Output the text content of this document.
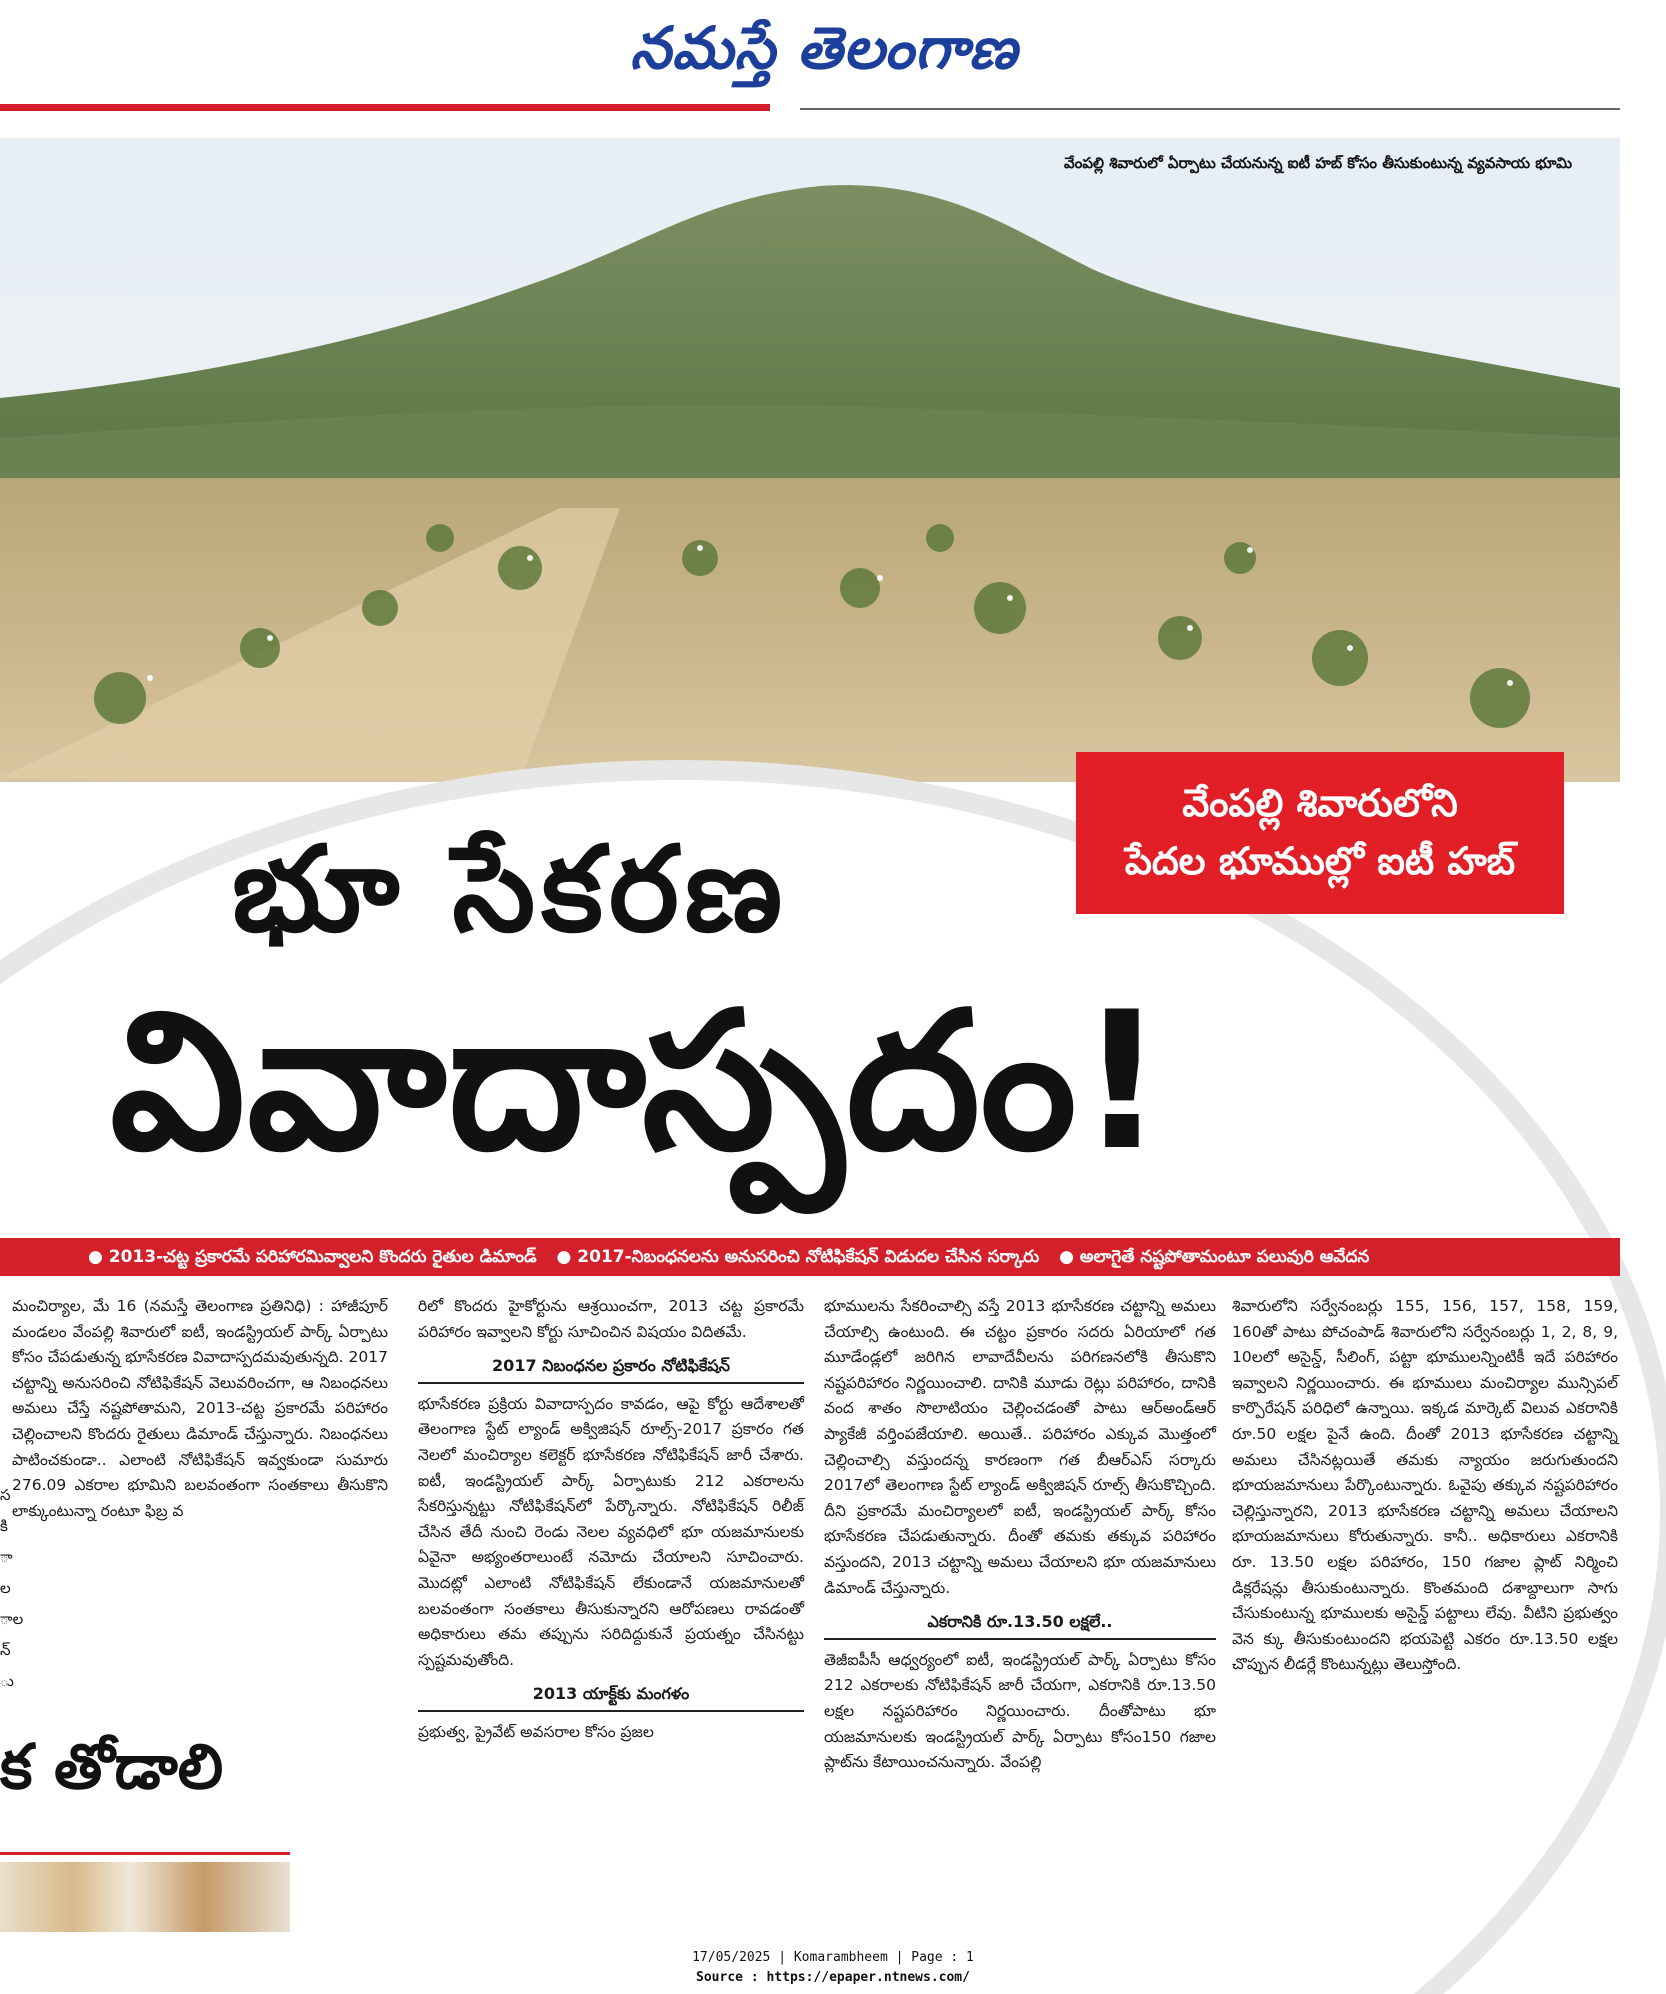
నమస్తే తెలంగాణ
వేంపల్లి శివారులో ఏర్పాటు చేయనున్న ఐటీ హబ్ కోసం తీసుకుంటున్న వ్యవసాయ భూమి
వేంపల్లి శివారులోని
పేదల భూముల్లో ఐటీ హబ్
భూ సేకరణ
వివాదాస్పదం!
● 2013-చట్ట ప్రకారమే పరిహారమివ్వాలని కొందరు రైతుల డిమాండ్ ● 2017-నిబంధనలను అనుసరించి నోటిఫికేషన్ విడుదల చేసిన సర్కారు ● అలాగైతే నష్టపోతామంటూ పలువురి ఆవేదన

మంచిర్యాల, మే 16 (నమస్తే తెలంగాణ ప్రతినిధి) : హాజీపూర్ మండలం వేంపల్లి శివారులో ఐటీ, ఇండస్ట్రియల్ పార్క్ ఏర్పాటు కోసం చేపడుతున్న భూసేకరణ వివాదాస్పదమవుతున్నది. 2017 చట్టాన్ని అనుసరించి నోటిఫికేషన్ వెలువరించగా, ఆ నిబంధనలు అమలు చేస్తే నష్టపోతామని, 2013-చట్ట ప్రకారమే పరిహారం చెల్లించాలని కొందరు రైతులు డిమాండ్ చేస్తున్నారు. నిబంధనలు పాటించకుండా.. ఎలాంటి నోటిఫికేషన్ ఇవ్వకుండా సుమారు 276.09 ఎకరాల భూమిని బలవంతంగా సంతకాలు తీసుకొని లాక్కుంటున్నా రంటూ ఫిబ్ర వ

రిలో కొందరు హైకోర్టును ఆశ్రయించగా, 2013 చట్ట ప్రకారమే పరిహారం ఇవ్వాలని కోర్టు సూచించిన విషయం విదితమే.

2017 నిబంధనల ప్రకారం నోటిఫికేషన్

భూసేకరణ ప్రక్రియ వివాదాస్పదం కావడం, ఆపై కోర్టు ఆదేశాలతో తెలంగాణ స్టేట్ ల్యాండ్ అక్విజిషన్ రూల్స్-2017 ప్రకారం గత నెలలో మంచిర్యాల కలెక్టర్ భూసేకరణ నోటిఫికేషన్ జారీ చేశారు. ఐటీ, ఇండస్ట్రియల్ పార్క్ ఏర్పాటుకు 212 ఎకరాలను సేకరిస్తున్నట్టు నోటిఫికేషన్‌లో పేర్కొన్నారు. నోటిఫికేషన్ రిలీజ్ చేసిన తేదీ నుంచి రెండు నెలల వ్యవధిలో భూ యజమానులకు ఏవైనా అభ్యంతరాలుంటే నమోదు చేయాలని సూచించారు. మొదట్లో ఎలాంటి నోటిఫికేషన్ లేకుండానే యజమానులతో బలవంతంగా సంతకాలు తీసుకున్నారని ఆరోపణలు రావడంతో అధికారులు తమ తప్పును సరిదిద్దుకునే ప్రయత్నం చేసినట్టు స్పష్టమవుతోంది.

2013 యాక్ట్‌కు మంగళం

ప్రభుత్వ, ప్రైవేట్ అవసరాల కోసం ప్రజల

భూములను సేకరించాల్సి వస్తే 2013 భూసేకరణ చట్టాన్ని అమలు చేయాల్సి ఉంటుంది. ఈ చట్టం ప్రకారం సదరు ఏరియాలో గత మూడేండ్లలో జరిగిన లావాదేవీలను పరిగణనలోకి తీసుకొని నష్టపరిహారం నిర్ణయించాలి. దానికి మూడు రెట్లు పరిహారం, దానికి వంద శాతం సొలాటియం చెల్లించడంతో పాటు ఆర్‌అండ్‌ఆర్ ప్యాకేజీ వర్తింపజేయాలి. అయితే.. పరిహారం ఎక్కువ మొత్తంలో చెల్లించాల్సి వస్తుందన్న కారణంగా గత బీఆర్‌ఎస్ సర్కారు 2017లో తెలంగాణ స్టేట్ ల్యాండ్ అక్విజిషన్ రూల్స్ తీసుకొచ్చింది. దీని ప్రకారమే మంచిర్యాలలో ఐటీ, ఇండస్ట్రియల్ పార్క్ కోసం భూసేకరణ చేపడుతున్నారు. దీంతో తమకు తక్కువ పరిహారం వస్తుందని, 2013 చట్టాన్ని అమలు చేయాలని భూ యజమానులు డిమాండ్ చేస్తున్నారు.

ఎకరానికి రూ.13.50 లక్షలే..

తెజీఐపీసీ ఆధ్వర్యంలో ఐటీ, ఇండస్ట్రియల్ పార్క్ ఏర్పాటు కోసం 212 ఎకరాలకు నోటిఫికేషన్ జారీ చేయగా, ఎకరానికి రూ.13.50 లక్షల నష్టపరిహారం నిర్ణయించారు. దీంతోపాటు భూ యజమానులకు ఇండస్ట్రియల్ పార్క్ ఏర్పాటు కోసం150 గజాల ప్లాట్‌ను కేటాయించనున్నారు. వేంపల్లి

శివారులోని సర్వేనంబర్లు 155, 156, 157, 158, 159, 160తో పాటు పోచంపాడ్ శివారులోని సర్వేనంబర్లు 1, 2, 8, 9, 10లలో అసైన్డ్, సీలింగ్, పట్టా భూములన్నింటికీ ఇదే పరిహారం ఇవ్వాలని నిర్ణయించారు. ఈ భూములు మంచిర్యాల మున్సిపల్ కార్పొరేషన్ పరిధిలో ఉన్నాయి. ఇక్కడ మార్కెట్ విలువ ఎకరానికి రూ.50 లక్షల పైనే ఉంది. దీంతో 2013 భూసేకరణ చట్టాన్ని అమలు చేసినట్లయితే తమకు న్యాయం జరుగుతుందని భూయజమానులు పేర్కొంటున్నారు. ఓవైపు తక్కువ నష్టపరిహారం చెల్లిస్తున్నారని, 2013 భూసేకరణ చట్టాన్ని అమలు చేయాలని భూయజమానులు కోరుతున్నారు. కానీ.. అధికారులు ఎకరానికి రూ. 13.50 లక్షల పరిహారం, 150 గజాల ప్లాట్ నిర్మించి డిక్లరేషన్లు తీసుకుంటున్నారు. కొంతమంది దశాబ్దాలుగా సాగు చేసుకుంటున్న భూములకు అసైన్డ్ పట్టాలు లేవు. వీటిని ప్రభుత్వం వెన క్కు తీసుకుంటుందని భయపెట్టి ఎకరం రూ.13.50 లక్షల చొప్పున లీడర్లే కొంటున్నట్లు తెలుస్తోంది.

స
కి
ా
ల
ాల
న్
ు
క తోడాలి
17/05/2025 | Komarambheem | Page : 1
Source : https://epaper.ntnews.com/
